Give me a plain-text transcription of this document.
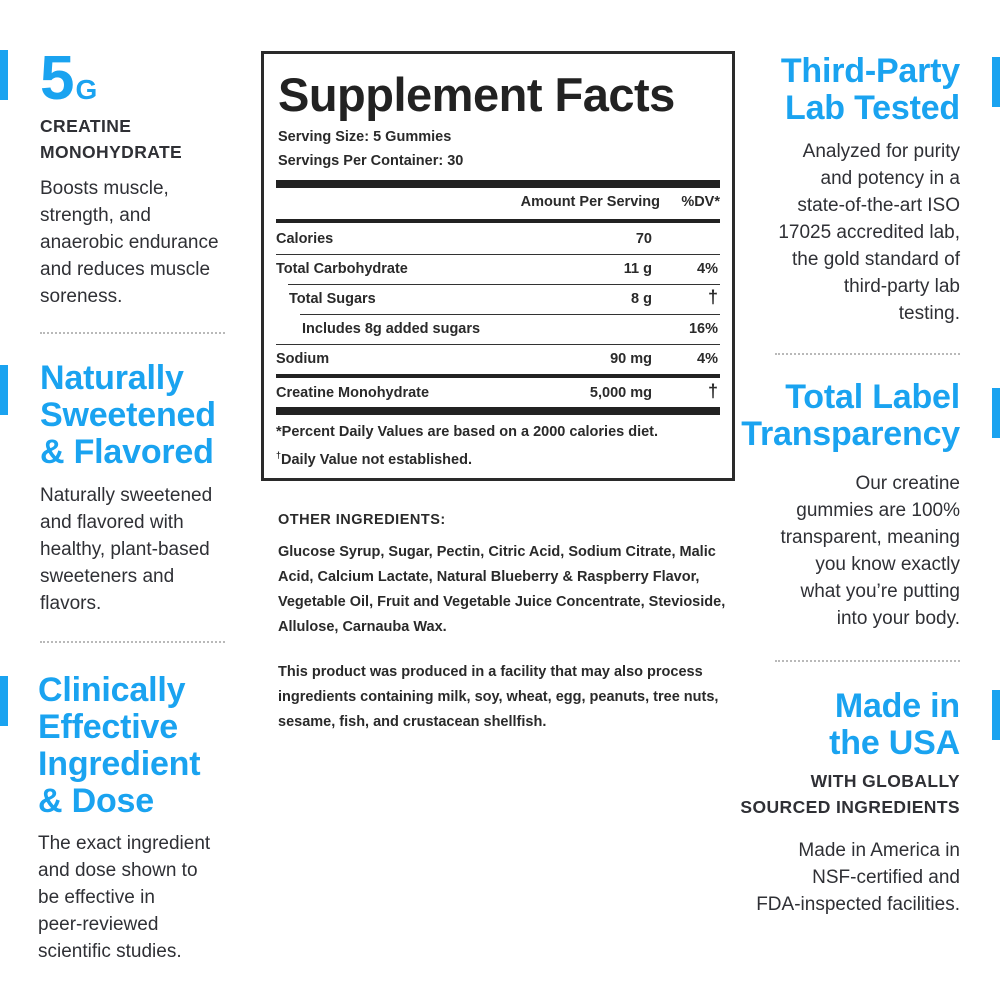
5G
CREATINE
MONOHYDRATE
Boosts muscle,
strength, and
anaerobic endurance
and reduces muscle
soreness.
Naturally
Sweetened
& Flavored
Naturally sweetened
and flavored with
healthy, plant-based
sweeteners and
flavors.
Clinically
Effective
Ingredient
& Dose
The exact ingredient
and dose shown to
be effective in
peer-reviewed
scientific studies.
Supplement Facts
Serving Size: 5 Gummies
Servings Per Container: 30
Amount Per Serving %DV*
Calories	70
Total Carbohydrate	11 g	4%
Total Sugars	8 g	†
Includes 8g added sugars	16%
Sodium	90 mg	4%
Creatine Monohydrate	5,000 mg	†
*Percent Daily Values are based on a 2000 calories diet.
†Daily Value not established.
OTHER INGREDIENTS:
Glucose Syrup, Sugar, Pectin, Citric Acid, Sodium Citrate, Malic Acid, Calcium Lactate, Natural Blueberry & Raspberry Flavor, Vegetable Oil, Fruit and Vegetable Juice Concentrate, Stevioside, Allulose, Carnauba Wax.
This product was produced in a facility that may also process ingredients containing milk, soy, wheat, egg, peanuts, tree nuts, sesame, fish, and crustacean shellfish.
Third-Party
Lab Tested
Analyzed for purity
and potency in a
state-of-the-art ISO
17025 accredited lab,
the gold standard of
third-party lab
testing.
Total Label
Transparency
Our creatine
gummies are 100%
transparent, meaning
you know exactly
what you’re putting
into your body.
Made in
the USA
WITH GLOBALLY
SOURCED INGREDIENTS
Made in America in
NSF-certified and
FDA-inspected facilities.
